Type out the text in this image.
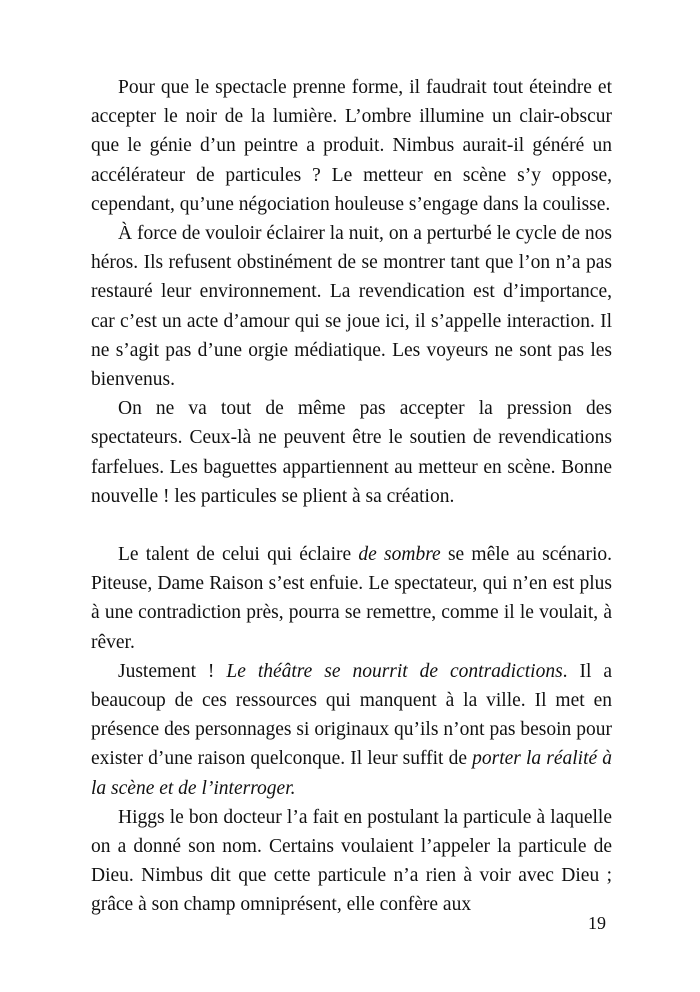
Pour que le spectacle prenne forme, il faudrait tout éteindre et accepter le noir de la lumière. L’ombre illumine un clair-obscur que le génie d’un peintre a produit. Nimbus aurait-il généré un accélérateur de particules ? Le metteur en scène s’y oppose, cependant, qu’une négociation houleuse s’engage dans la coulisse.

À force de vouloir éclairer la nuit, on a perturbé le cycle de nos héros. Ils refusent obstinément de se montrer tant que l’on n’a pas restauré leur environnement. La revendication est d’importance, car c’est un acte d’amour qui se joue ici, il s’appelle interaction. Il ne s’agit pas d’une orgie médiatique. Les voyeurs ne sont pas les bienvenus.

On ne va tout de même pas accepter la pression des spectateurs. Ceux-là ne peuvent être le soutien de revendications farfelues. Les baguettes appartiennent au metteur en scène. Bonne nouvelle ! les particules se plient à sa création.

Le talent de celui qui éclaire de sombre se mêle au scénario. Piteuse, Dame Raison s’est enfuie. Le spectateur, qui n’en est plus à une contradiction près, pourra se remettre, comme il le voulait, à rêver.

Justement ! Le théâtre se nourrit de contradictions. Il a beaucoup de ces ressources qui manquent à la ville. Il met en présence des personnages si originaux qu’ils n’ont pas besoin pour exister d’une raison quelconque. Il leur suffit de porter la réalité à la scène et de l’interroger.

Higgs le bon docteur l’a fait en postulant la particule à laquelle on a donné son nom. Certains voulaient l’appeler la particule de Dieu. Nimbus dit que cette particule n’a rien à voir avec Dieu ; grâce à son champ omniprésent, elle confère aux

19
